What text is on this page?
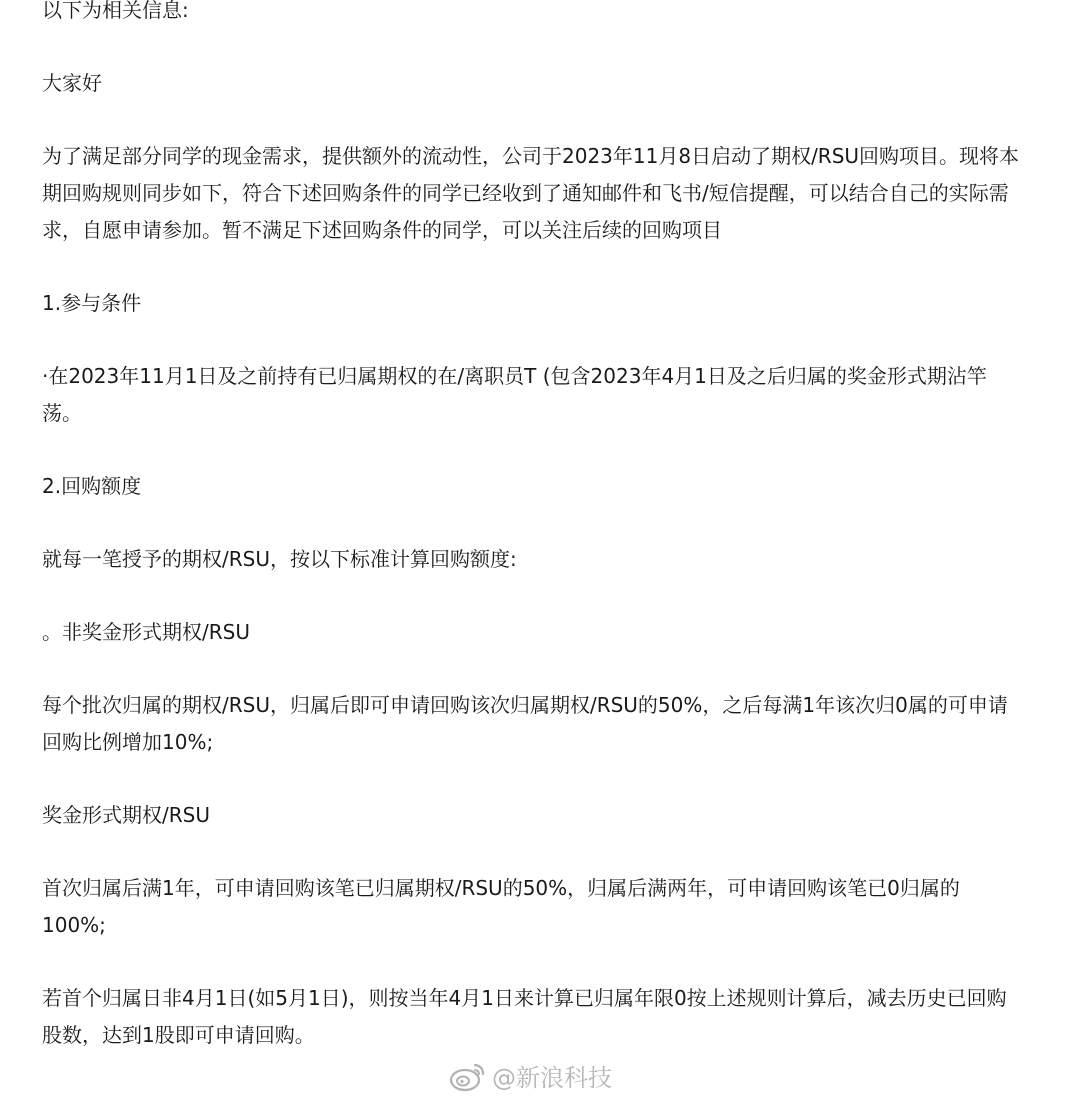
以下为相关信息:

大家好

为了满足部分同学的现金需求，提供额外的流动性，公司于2023年11月8日启动了期权/RSU回购项目。现将本期回购规则同步如下，符合下述回购条件的同学已经收到了通知邮件和飞书/短信提醒，可以结合自己的实际需求，自愿申请参加。暂不满足下述回购条件的同学，可以关注后续的回购项目

1.参与条件

·在2023年11月1日及之前持有已归属期权的在/离职员T (包含2023年4月1日及之后归属的奖金形式期沾竿荡。

2.回购额度

就每一笔授予的期权/RSU，按以下标准计算回购额度:

。非奖金形式期权/RSU

每个批次归属的期权/RSU，归属后即可申请回购该次归属期权/RSU的50%，之后每满1年该次归0属的可申请回购比例增加10%;

奖金形式期权/RSU

首次归属后满1年，可申请回购该笔已归属期权/RSU的50%，归属后满两年，可申请回购该笔已0归属的100%;

若首个归属日非4月1日(如5月1日)，则按当年4月1日来计算已归属年限0按上述规则计算后，减去历史已回购股数，达到1股即可申请回购。

@新浪科技
